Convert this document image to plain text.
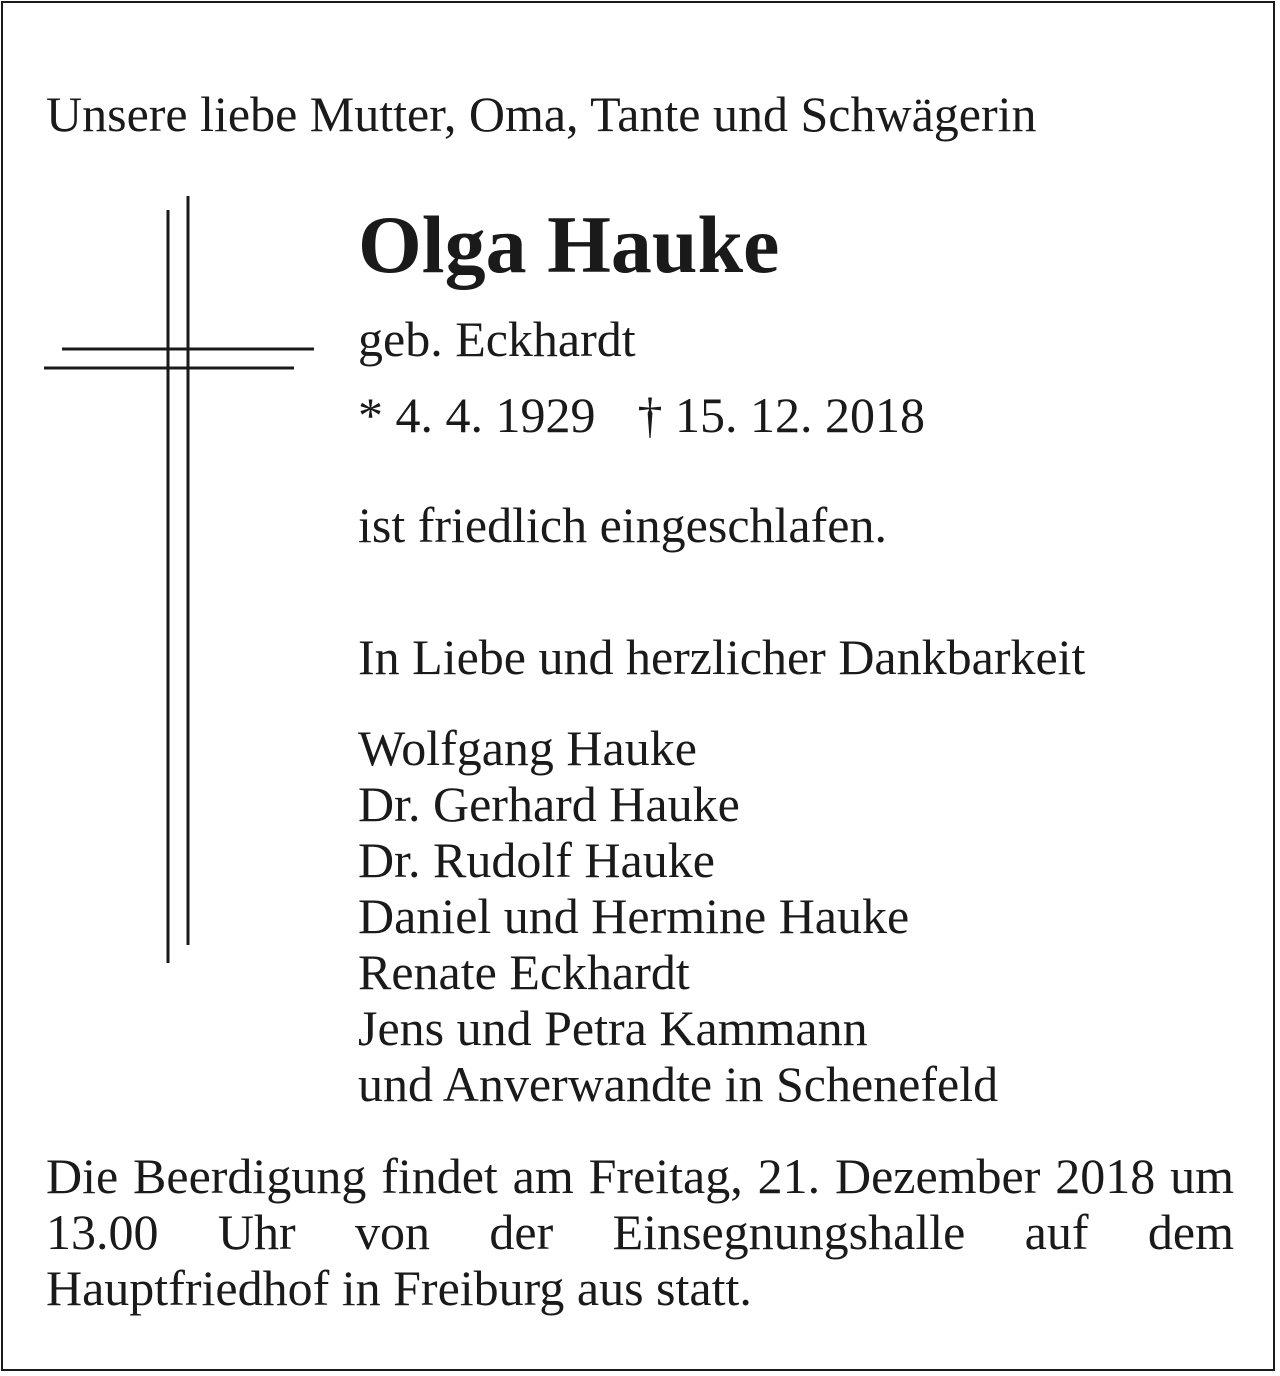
Unsere liebe Mutter, Oma, Tante und Schwägerin
Olga Hauke
geb. Eckhardt
* 4. 4. 1929 † 15. 12. 2018
ist friedlich eingeschlafen.
In Liebe und herzlicher Dankbarkeit
Wolfgang Hauke
Dr. Gerhard Hauke
Dr. Rudolf Hauke
Daniel und Hermine Hauke
Renate Eckhardt
Jens und Petra Kammann
und Anverwandte in Schenefeld

Die Beerdigung findet am Freitag, 21. Dezember 2018 um 13.00 Uhr von der Einsegnungshalle auf dem Hauptfriedhof in Freiburg aus statt.
